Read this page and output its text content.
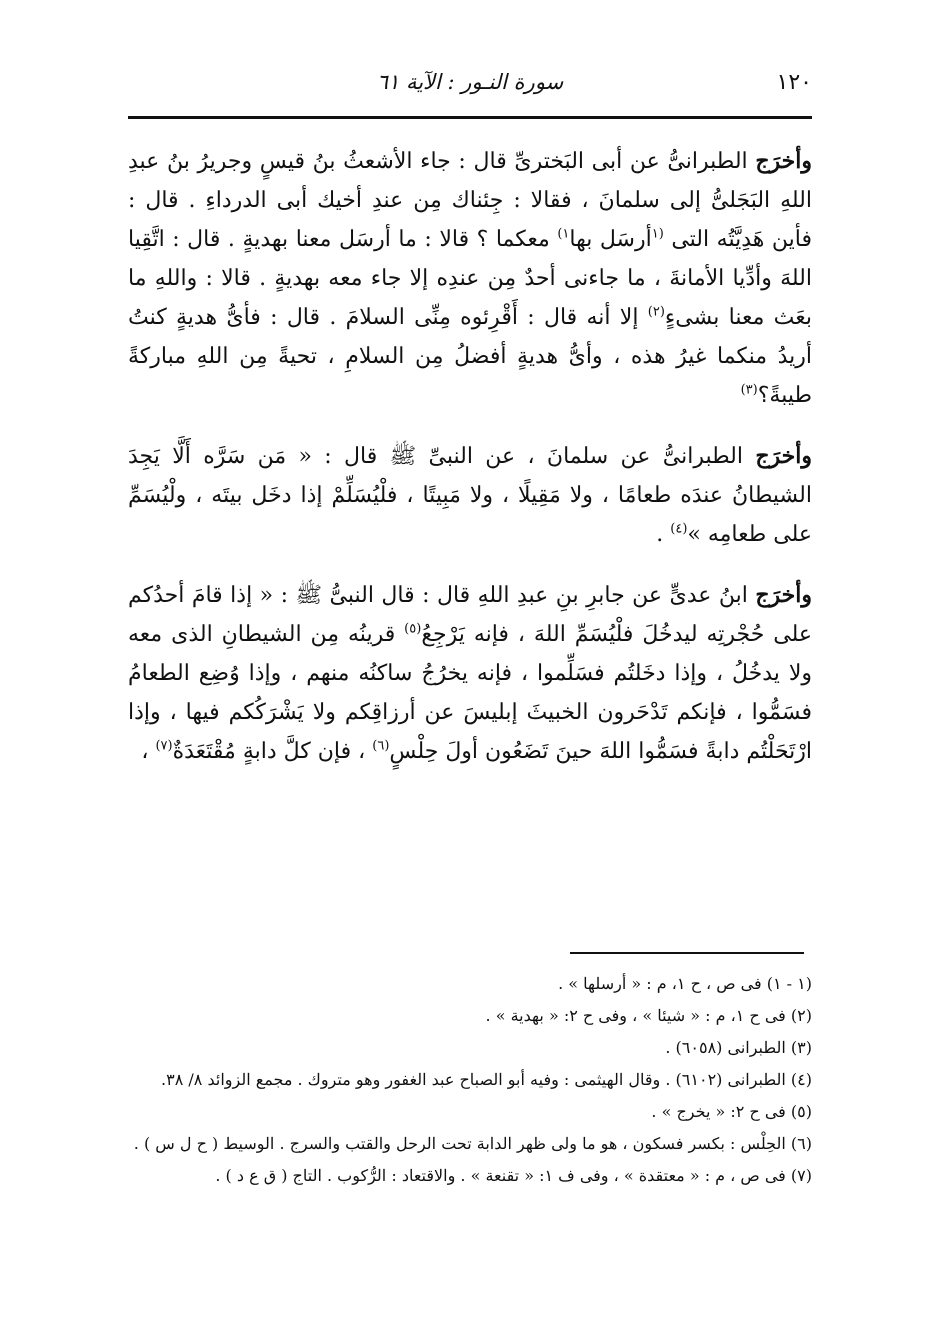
١٢٠
سورة النـور : الآية ٦١

وأخرَج الطبرانىُّ عن أبى البَخترىِّ قال : جاء الأشعثُ بنُ قيسٍ وجريرُ بنُ عبدِ اللهِ البَجَلىُّ إلى سلمانَ ، فقالا : جِئناك مِن عندِ أخيك أبى الدرداءِ . قال : فأين هَدِيَّتُه التى $^{(١}$أرسَل بها$^{١)}$ معكما ؟ قالا : ما أرسَل معنا بهديةٍ . قال : اتَّقِيا اللهَ وأدِّيا الأمانةَ ، ما جاءنى أحدٌ مِن عندِه إلا جاء معه بهديةٍ . قالا : واللهِ ما بعَث معنا بشىءٍ$^{(٢)}$ إلا أنه قال : أَقْرِئوه مِنِّى السلامَ . قال : فأىُّ هديةٍ كنتُ أريدُ منكما غيرُ هذه ، وأىُّ هديةٍ أفضلُ مِن السلامِ ، تحيةً مِن اللهِ مباركةً طيبةً؟$^{(٣)}$

وأخرَج الطبرانىُّ عن سلمانَ ، عن النبىِّ ﷺ قال : « مَن سَرَّه أَلَّا يَجِدَ الشيطانُ عندَه طعامًا ، ولا مَقِيلًا ، ولا مَبِيتًا ، فلْيُسَلِّمْ إذا دخَل بيتَه ، ولْيُسَمِّ على طعامِه »$^{(٤)}$ .

وأخرَج ابنُ عدىٍّ عن جابرِ بنِ عبدِ اللهِ قال : قال النبىُّ ﷺ : « إذا قامَ أحدُكم على حُجْرتِه ليدخُلَ فلْيُسَمِّ اللهَ ، فإنه يَرْجِعُ$^{(٥)}$ قرينُه مِن الشيطانِ الذى معه ولا يدخُلُ ، وإذا دخَلتُم فسَلِّموا ، فإنه يخرُجُ ساكنُه منهم ، وإذا وُضِع الطعامُ فسَمُّوا ، فإنكم تَدْحَرون الخبيثَ إبليسَ عن أرزاقِكم ولا يَشْرَكُكم فيها ، وإذا ارْتَحَلْتُم دابةً فسَمُّوا اللهَ حينَ تَضَعُون أولَ حِلْسٍ$^{(٦)}$ ، فإن كلَّ دابةٍ مُقْتَعَدَةٌ$^{(٧)}$ ،

(١ - ١) فى ص ، ح ١، م : « أرسلها » .

(٢) فى ح ١، م : « شيئا » ، وفى ح ٢: « بهدية » .

(٣) الطبرانى (٦٠٥٨) .

(٤) الطبرانى (٦١٠٢) . وقال الهيثمى : وفيه أبو الصباح عبد الغفور وهو متروك . مجمع الزوائد ٨/ ٣٨.

(٥) فى ح ٢: « يخرج » .

(٦) الحِلْس : بكسر فسكون ، هو ما ولى ظهر الدابة تحت الرحل والقتب والسرج . الوسيط ( ح ل س ) .

(٧) فى ص ، م : « معتقدة » ، وفى ف ١: « تقنعة » . والاقتعاد : الرُّكوب . التاج ( ق ع د ) .
